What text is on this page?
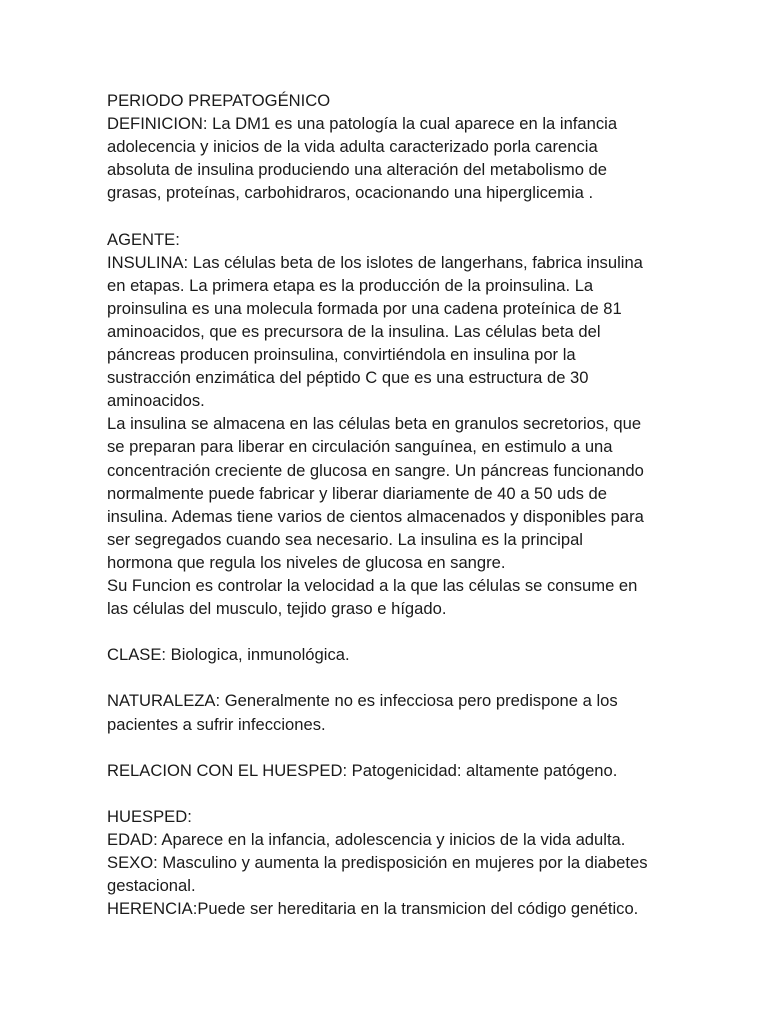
PERIODO PREPATOGÉNICO

DEFINICION: La DM1 es una patología la cual aparece en la infancia

adolecencia y inicios de la vida adulta caracterizado porla carencia

absoluta de insulina produciendo una alteración del metabolismo de

grasas, proteínas, carbohidraros, ocacionando una hiperglicemia .

AGENTE:

INSULINA: Las células beta de los islotes de langerhans, fabrica insulina

en etapas. La primera etapa es la producción de la proinsulina. La

proinsulina es una molecula formada por una cadena proteínica de 81

aminoacidos, que es precursora de la insulina. Las células beta del

páncreas producen proinsulina, convirtiéndola en insulina por la

sustracción enzimática del péptido C que es una estructura de 30

aminoacidos.

La insulina se almacena en las células beta en granulos secretorios, que

se preparan para liberar en circulación sanguínea, en estimulo a una

concentración creciente de glucosa en sangre. Un páncreas funcionando

normalmente puede fabricar y liberar diariamente de 40 a 50 uds de

insulina. Ademas tiene varios de cientos almacenados y disponibles para

ser segregados cuando sea necesario. La insulina es la principal

hormona que regula los niveles de glucosa en sangre.

Su Funcion es controlar la velocidad a la que las células se consume en

las células del musculo, tejido graso e hígado.

CLASE: Biologica, inmunológica.

NATURALEZA: Generalmente no es infecciosa pero predispone a los

pacientes a sufrir infecciones.

RELACION CON EL HUESPED: Patogenicidad: altamente patógeno.

HUESPED:

EDAD: Aparece en la infancia, adolescencia y inicios de la vida adulta.

SEXO: Masculino y aumenta la predisposición en mujeres por la diabetes

gestacional.

HERENCIA:Puede ser hereditaria en la transmicion del código genético.
